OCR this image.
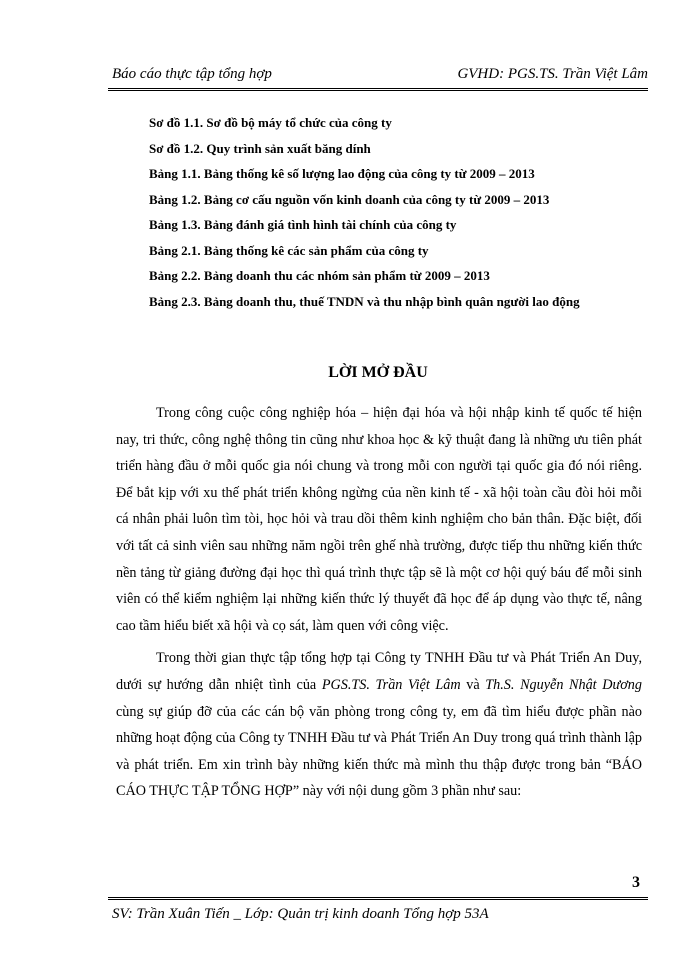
Báo cáo thực tập tổng hợp	GVHD: PGS.TS. Trần Việt Lâm
Sơ đồ 1.1. Sơ đồ bộ máy tổ chức của công ty
Sơ đồ 1.2. Quy trình sản xuất băng dính
Bảng 1.1. Bảng thống kê số lượng lao động của công ty từ 2009 – 2013
Bảng 1.2. Bảng cơ cấu nguồn vốn kinh doanh của công ty từ 2009 – 2013
Bảng 1.3. Bảng đánh giá tình hình tài chính của công ty
Bảng 2.1. Bảng thống kê các sản phẩm của công ty
Bảng 2.2. Bảng doanh thu các nhóm sản phẩm từ 2009 – 2013
Bảng 2.3. Bảng doanh thu, thuế TNDN và thu nhập bình quân người lao động
LỜI MỞ ĐẦU

Trong công cuộc công nghiệp hóa – hiện đại hóa và hội nhập kinh tế quốc tế hiện nay, tri thức, công nghệ thông tin cũng như khoa học & kỹ thuật đang là những ưu tiên phát triển hàng đầu ở mỗi quốc gia nói chung và trong mỗi con người tại quốc gia đó nói riêng. Để bắt kịp với xu thế phát triển không ngừng của nền kinh tế - xã hội toàn cầu đòi hỏi mỗi cá nhân phải luôn tìm tòi, học hỏi và trau dồi thêm kinh nghiệm cho bản thân. Đặc biệt, đối với tất cả sinh viên sau những năm ngồi trên ghế nhà trường, được tiếp thu những kiến thức nền tảng từ giảng đường đại học thì quá trình thực tập sẽ là một cơ hội quý báu để mỗi sinh viên có thể kiểm nghiệm lại những kiến thức lý thuyết đã học để áp dụng vào thực tế, nâng cao tầm hiểu biết xã hội và cọ sát, làm quen với công việc.

Trong thời gian thực tập tổng hợp tại Công ty TNHH Đầu tư và Phát Triển An Duy, dưới sự hướng dẫn nhiệt tình của PGS.TS. Trần Việt Lâm và Th.S. Nguyễn Nhật Dương cùng sự giúp đỡ của các cán bộ văn phòng trong công ty, em đã tìm hiểu được phần nào những hoạt động của Công ty TNHH Đầu tư và Phát Triển An Duy trong quá trình thành lập và phát triển. Em xin trình bày những kiến thức mà mình thu thập được trong bản “BÁO CÁO THỰC TẬP TỔNG HỢP” này với nội dung gồm 3 phần như sau:

3
SV: Trần Xuân Tiến _ Lớp: Quản trị kinh doanh Tổng hợp 53A
